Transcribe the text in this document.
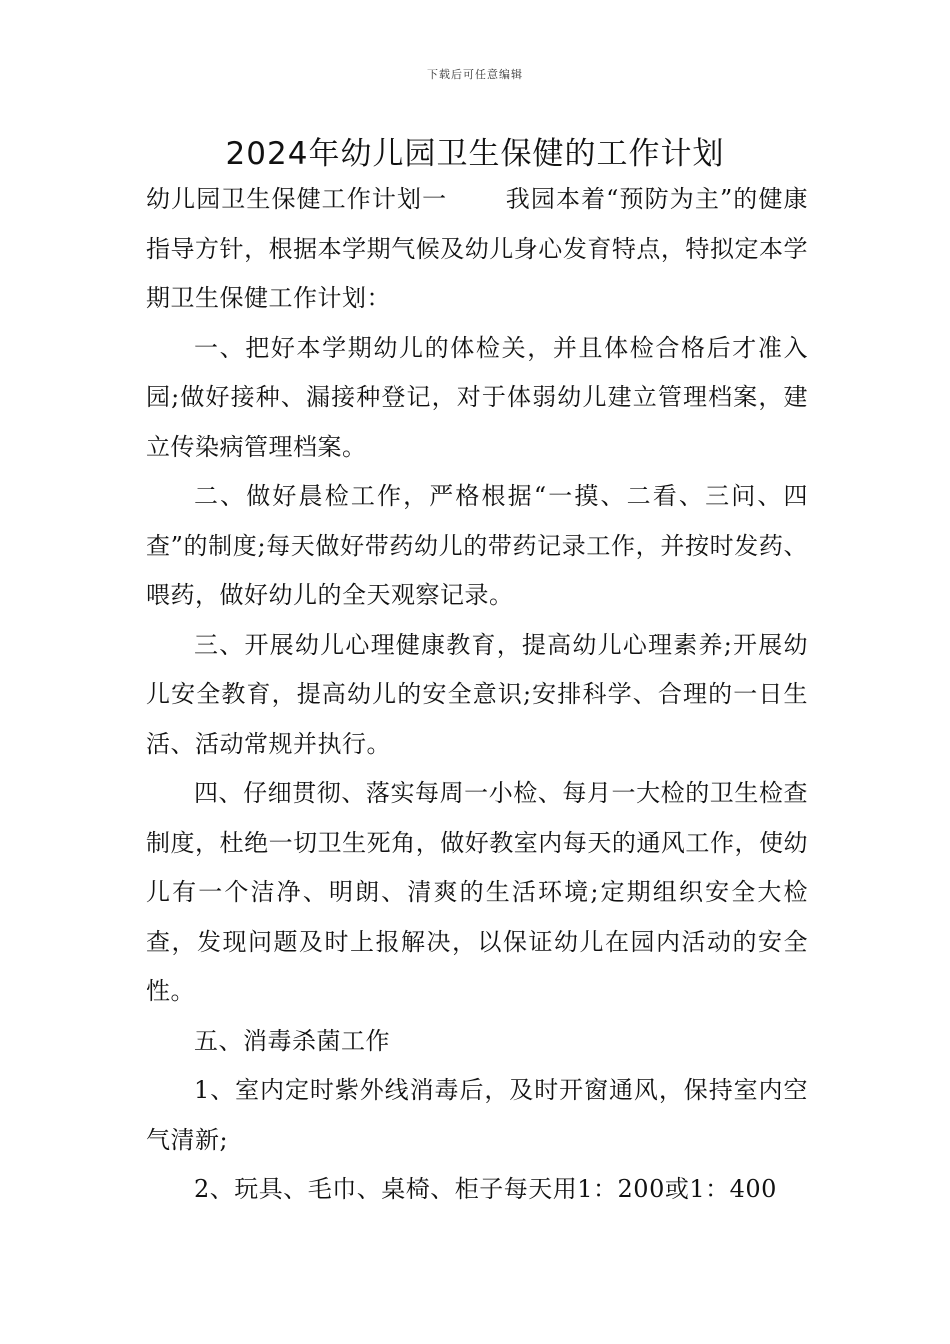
下载后可任意编辑
2024年幼儿园卫生保健的工作计划

幼儿园卫生保健工作计划一 我园本着“预防为主”的健康指导方针，根据本学期气候及幼儿身心发育特点，特拟定本学期卫生保健工作计划：

一、把好本学期幼儿的体检关，并且体检合格后才准入园;做好接种、漏接种登记，对于体弱幼儿建立管理档案，建立传染病管理档案。

二、做好晨检工作，严格根据“一摸、二看、三问、四查”的制度;每天做好带药幼儿的带药记录工作，并按时发药、喂药，做好幼儿的全天观察记录。

三、开展幼儿心理健康教育，提高幼儿心理素养;开展幼儿安全教育，提高幼儿的安全意识;安排科学、合理的一日生活、活动常规并执行。

四、仔细贯彻、落实每周一小检、每月一大检的卫生检查制度，杜绝一切卫生死角，做好教室内每天的通风工作，使幼儿有一个洁净、明朗、清爽的生活环境;定期组织安全大检查，发现问题及时上报解决，以保证幼儿在园内活动的安全性。

五、消毒杀菌工作

1、室内定时紫外线消毒后，及时开窗通风，保持室内空气清新;

2、玩具、毛巾、桌椅、柜子每天用1：200或1：400
